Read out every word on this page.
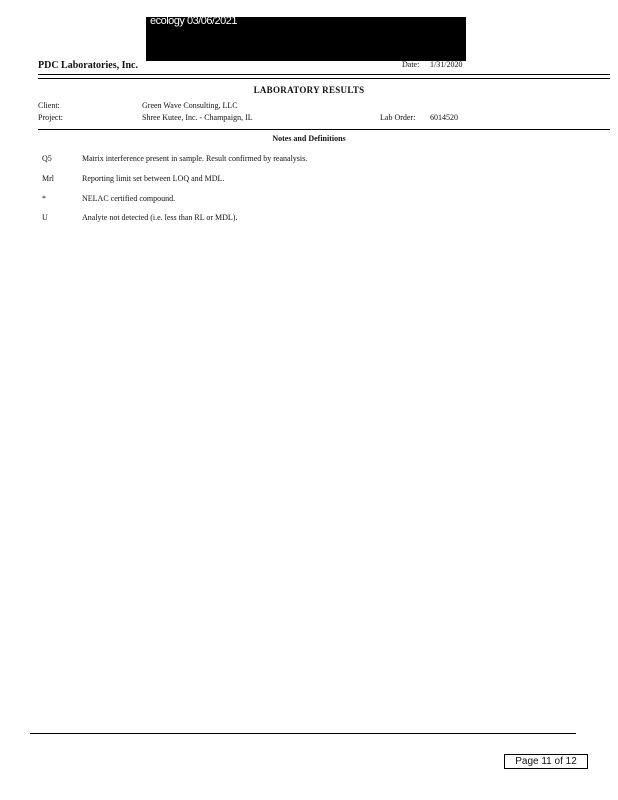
ecology 03/06/2021
PDC Laboratories, Inc.	Date: 1/31/2020
LABORATORY RESULTS
Client:	Green Wave Consulting, LLC
Project:	Shree Kutee, Inc. - Champaign, IL	Lab Order: 6014520
Notes and Definitions
Q5	Matrix interference present in sample. Result confirmed by reanalysis.
Mrl	Reporting limit set between LOQ and MDL.
*	NELAC certified compound.
U	Analyte not detected (i.e. less than RL or MDL).
Page 11 of 12
